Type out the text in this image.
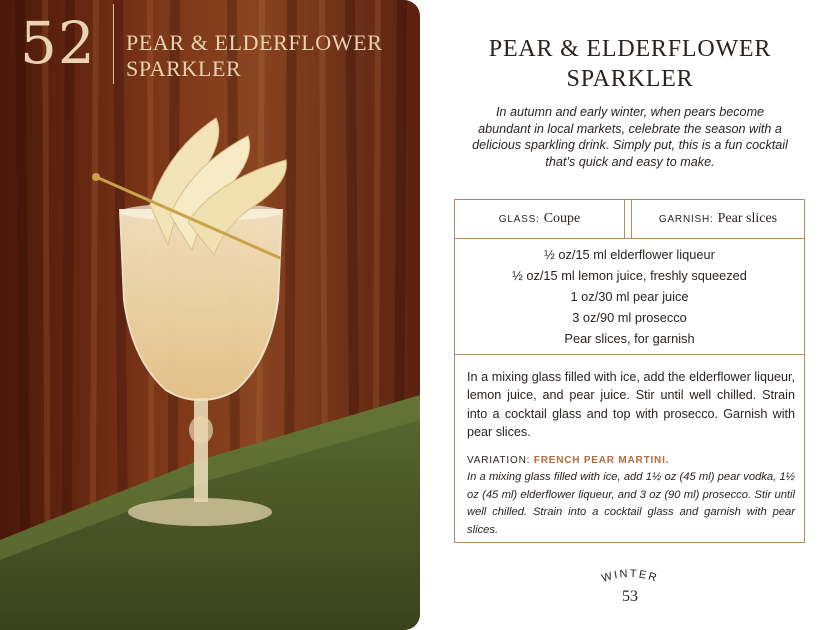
52 PEAR & ELDERFLOWER SPARKLER
PEAR & ELDERFLOWER SPARKLER
In autumn and early winter, when pears become abundant in local markets, celebrate the season with a delicious sparkling drink. Simply put, this is a fun cocktail that’s quick and easy to make.
GLASS: Coupe	GARNISH: Pear slices
½ oz/15 ml elderflower liqueur
½ oz/15 ml lemon juice, freshly squeezed
1 oz/30 ml pear juice
3 oz/90 ml prosecco
Pear slices, for garnish
In a mixing glass filled with ice, add the elderflower liqueur, lemon juice, and pear juice. Stir until well chilled. Strain into a cocktail glass and top with prosecco. Garnish with pear slices.
VARIATION: FRENCH PEAR MARTINI.
In a mixing glass filled with ice, add 1½ oz (45 ml) pear vodka, 1½ oz (45 ml) elderflower liqueur, and 3 oz (90 ml) prosecco. Stir until well chilled. Strain into a cocktail glass and garnish with pear slices.
WINTER
53
